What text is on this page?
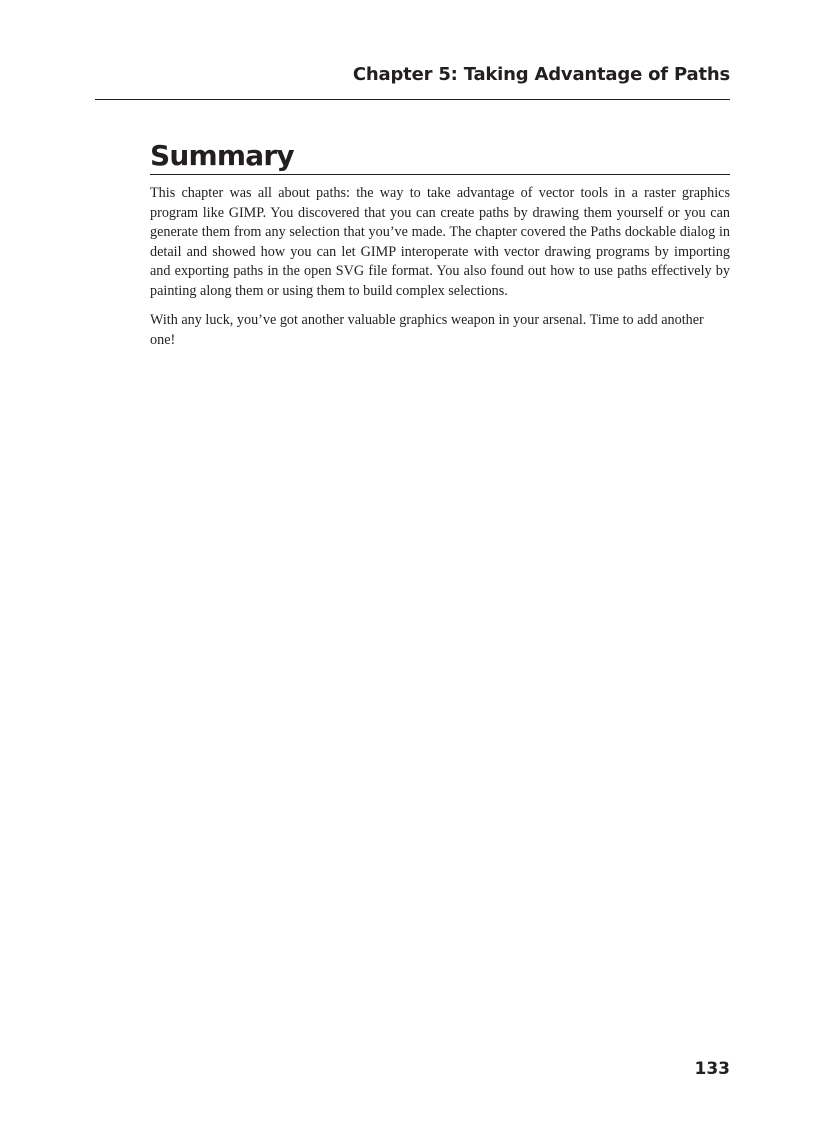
Chapter 5: Taking Advantage of Paths

Summary

This chapter was all about paths: the way to take advantage of vector tools in a raster graphics program like GIMP. You discovered that you can create paths by drawing them yourself or you can generate them from any selection that you’ve made. The chapter covered the Paths dockable dialog in detail and showed how you can let GIMP interoperate with vector drawing programs by importing and exporting paths in the open SVG file format. You also found out how to use paths effectively by painting along them or using them to build complex selections.

With any luck, you’ve got another valuable graphics weapon in your arsenal. Time to add another one!

133
